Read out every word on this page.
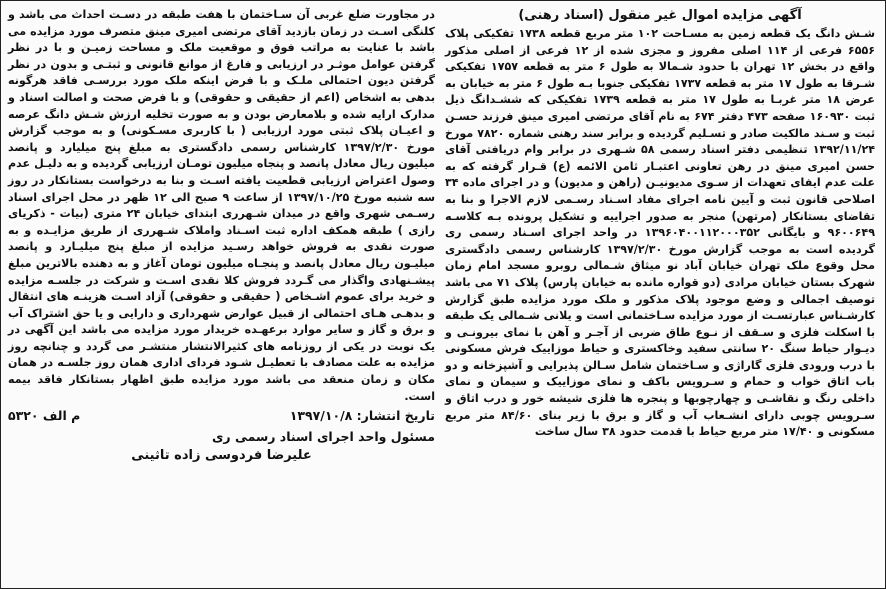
آگهی مزایده اموال غیر منقول (اسناد رهنی)

شـش دانگ یک قطعه زمین به مسـاحت ۱۰۲ متر مربع قطعه ۱۷۳۸ تفکیکی پلاک ۶۵۵۶ فرعی از ۱۱۴ اصلی مفروز و مجزی شده از ۱۲ فرعی از اصلی مذکور واقع در بخش ۱۲ تهران با حدود شـمالا به طول ۶ متر به قطعه ۱۷۵۷ تفکیکی شـرقا به طول ۱۷ متر به قطعه ۱۷۳۷ تفکیکی جنوبا بـه طول ۶ متر به خیابان به عرض ۱۸ متر غربـا به طول ۱۷ متر به قطعه ۱۷۳۹ تفکیکی که ششـدانگ ذیل ثبت ۱۶۰۹۳۰ صفحه ۴۷۳ دفتر ۶۷۴ به نام آقای مرتضی امیری مینق فرزند حسـن ثبت و سـند مالکیت صادر و تسـلیم گردیده و برابر سند رهنی شماره ۷۸۲۰ مورخ ۱۳۹۲/۱۱/۲۴ تنظیمی دفتر اسناد رسمی ۵۸ شـهری در برابر وام دریافتی آقای حسن امیری مینق در رهن تعاونی اعتبـار ثامن الائمه (ع) قـرار گرفته که به علت عدم ایفای تعهدات از سـوی مدیونیـن (راهن و مدیون) و در اجرای ماده ۳۴ اصلاحی قانون ثبت و آیین نامه اجرای مفاد اسـناد رسـمی لازم الاجرا و بنا به تقاضای بستانکار (مرتهن) منجر به صدور اجراییه و تشکیل پرونده بـه کلاسـه ۹۶۰۰۶۴۹ و بایگانی ۱۳۹۶۰۴۰۰۱۱۲۰۰۰۳۵۲ در واحد اجرای اسـناد رسمی ری گردیده است به موجب گزارش مورخ ۱۳۹۷/۲/۳۰ کارشناس رسمی دادگستری محل وقوع ملک تهران خیابان آباد نو میثاق شـمالی روبرو مسجد امام زمان شهرک بستان خیابان مرادی (دو قواره مانده به خیابان پارس) پلاک ۷۱ می باشد توصیف اجمالی و وضع موجود پلاک مذکور و ملک مورد مزایده طبق گزارش کارشـناس عبارتسـت از مورد مزایده سـاختمانی است و یلانی شـمالی یک طبقه با اسکلت فلزی و سـقف از نـوع طاق ضربی از آجـر و آهن با نمای بیرونـی و دیـوار حیاط سنگ ۲۰ سانتی سفید وخاکستری و حیاط موزاییک فرش مسکونی با درب ورودی فلزی گاراژی و سـاختمان شامل سـالن پذیرایی و آشپزخانه و دو باب اتاق خواب و حمام و سـرویس باکف و نمای موزاییک و سیمان و نمای داخلی رنگ و نقاشـی و چهارچوبها و پنجره ها فلزی شیشه خور و درب اتاق و سـرویس چوبی دارای انشـعاب آب و گاز و برق با زیر بنای ۸۴/۶۰ متر مربع مسکونی و ۱۷/۴۰ متر مربع حیاط با قدمت حدود ۳۸ سال ساخت

در مجاورت ضلع غربی آن سـاختمان با هفت طبقه در دسـت احداث می باشد و کلنگی اسـت در زمان بازدید آقای مرتضی امیری مینق متصرف مورد مزایده می باشد با عنایت به مراتب فوق و موقعیت ملک و مساحت زمیـن و با در نظر گرفتن عوامل موثـر در ارزیابی و فارغ از موانع قانونی و ثبتـی و بدون در نظر گرفتن دیون احتمالی ملـک و با فرض اینکه ملک مورد بررسـی فاقد هرگونه بدهی به اشخاص (اعم از حقیقی و حقوقی) و با فرض صحت و اصالت اسناد و مدارک ارایه شده و بلامعارض بودن و به صورت تخلیه ارزش شـش دانگ عرصه و اعیـان پلاک ثبتی مورد ارزیابی ( با کاربری مسـکونی) و به موجب گزارش مورخ ۱۳۹۷/۲/۳۰ کارشناس رسمی دادگستری به مبلغ پنج میلیارد و پانصد میلیون ریال معادل پانصد و پنجاه میلیون تومـان ارزیابی گردیده و به دلیـل عدم وصول اعتراض ارزیابی قطعیت یافته اسـت و بنا به درخواست بستانکار در روز سه شنبه مورخ ۱۳۹۷/۱۰/۲۵ از ساعت ۹ صبح الی ۱۲ ظهر در محل اجرای اسناد رسـمی شهری واقع در میدان شـهرری ابتدای خیابان ۲۴ متری (بیات - ذکریای رازی ) طبقه همکف اداره ثبت اسـناد واملاک شـهرری از طریق مزایـده و به صورت نقدی به فروش خواهد رسـید مزایده از مبلغ پنج میلیـارد و پانصد میلیـون ریال معادل پانصد و پنجـاه میلیون تومان آغاز و به دهنده بالاترین مبلغ پیشـنهادی واگذار می گـردد فروش کلا نقدی اسـت و شرکت در جلسـه مزایده و خرید برای عموم اشـخاص ( حقیقی و حقوقی) آزاد اسـت هزینـه های انتقال و بدهـی هـای احتمالی از قبیل عوارض شهرداری و دارایی و یا حق اشتراک آب و برق و گاز و سایر موارد برعهـده خریدار مورد مزایده می باشد این آگهی در یک نوبت در یکی از روزنامه های کثیرالانتشار منتشـر می گردد و چنانچه روز مزایده به علت مصادف با تعطیـل شـود فردای اداری همان روز جلسـه در همان مکان و زمان منعقد می باشد مورد مزایده طبق اظهار بستانکار فاقد بیمه است.

تاریخ انتشار: ۱۳۹۷/۱۰/۸
م الف ۵۳۲۰
مسئول واحد اجرای اسناد رسمی ری
علیرضا فردوسی زاده تاثینی
